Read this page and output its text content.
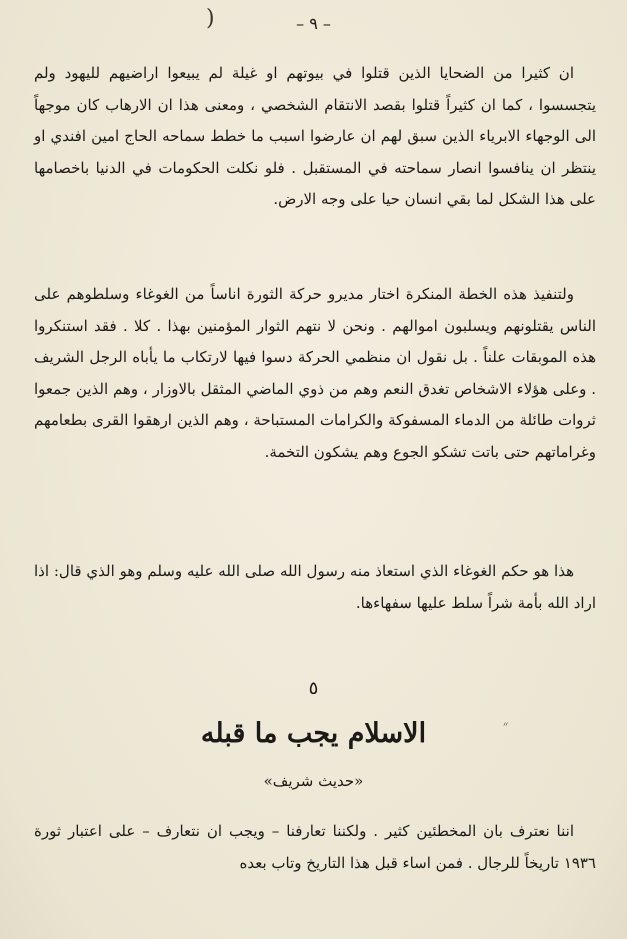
)	– ٩ –

ان كثيرا من الضحايا الذين قتلوا في بيوتهم او غيلة لم يبيعوا اراضيهم لليهود ولم يتجسسوا ، كما ان كثيراً قتلوا بقصد الانتقام الشخصي ، ومعنى هذا ان الارهاب كان موجهاً الى الوجهاء الابرياء الذين سبق لهم ان عارضوا اسبب ما خطط سماحه الحاج امين افندي او ينتظر ان ينافسوا انصار سماحته في المستقبل . فلو نكلت الحكومات في الدنيا باخصامها على هذا الشكل لما بقي انسان حيا على وجه الارض.

ولتنفيذ هذه الخطة المنكرة اختار مديرو حركة الثورة اناساً من الغوغاء وسلطوهم على الناس يقتلونهم ويسلبون اموالهم . ونحن لا نتهم الثوار المؤمنين بهذا . كلا . فقد استنكروا هذه الموبقات علناً . بل نقول ان منظمي الحركة دسوا فيها لارتكاب ما يأباه الرجل الشريف . وعلى هؤلاء الاشخاص تغدق النعم وهم من ذوي الماضي المثقل بالاوزار ، وهم الذين جمعوا ثروات طائلة من الدماء المسفوكة والكرامات المستباحة ، وهم الذين ارهقوا القرى بطعامهم وغراماتهم حتى باتت تشكو الجوع وهم يشكون التخمة.

هذا هو حكم الغوغاء الذي استعاذ منه رسول الله صلى الله عليه وسلم وهو الذي قال: اذا اراد الله بأمة شراً سلط عليها سفهاءها.

٥
״
الاسلام يجب ما قبله
«حديث شريف»

اننا نعترف بان المخطئين كثير . ولكننا تعارفنا – ويجب ان نتعارف – على اعتبار ثورة ١٩٣٦ تاريخاً للرجال . فمن اساء قبل هذا التاريخ وتاب بعده
